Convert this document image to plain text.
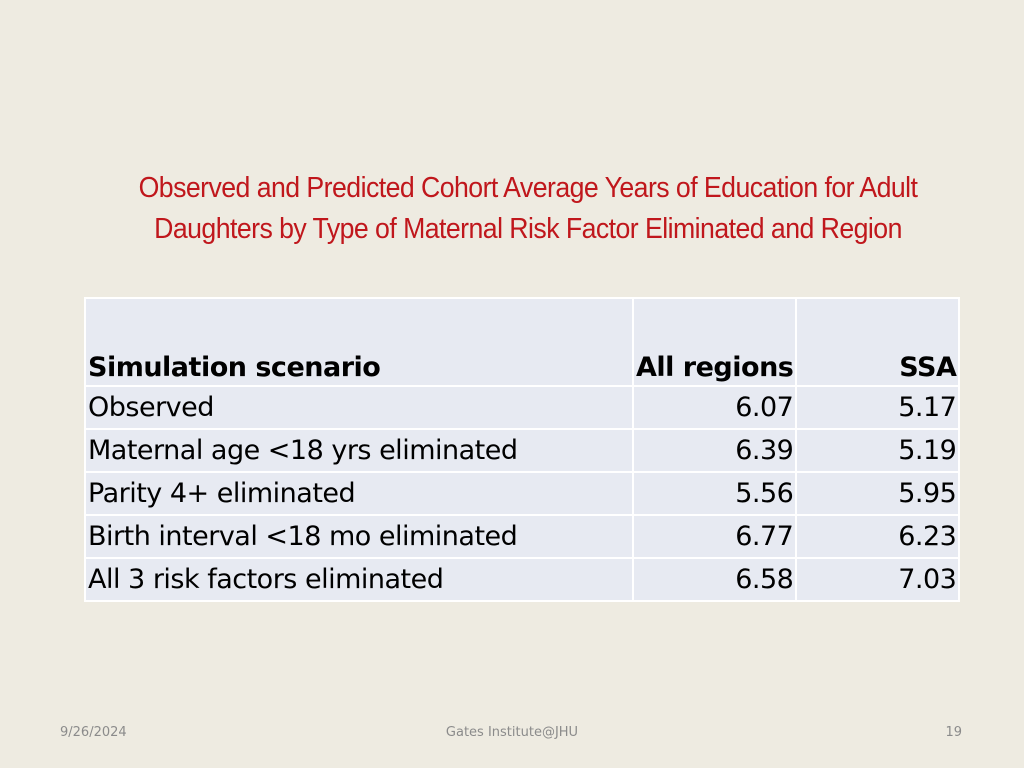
Observed and Predicted Cohort Average Years of Education for Adult
Daughters by Type of Maternal Risk Factor Eliminated and Region
Simulation scenario	All regions	SSA
Observed	6.07	5.17
Maternal age <18 yrs eliminated	6.39	5.19
Parity 4+ eliminated	5.56	5.95
Birth interval <18 mo eliminated	6.77	6.23
All 3 risk factors eliminated	6.58	7.03
9/26/2024	Gates Institute@JHU	19
